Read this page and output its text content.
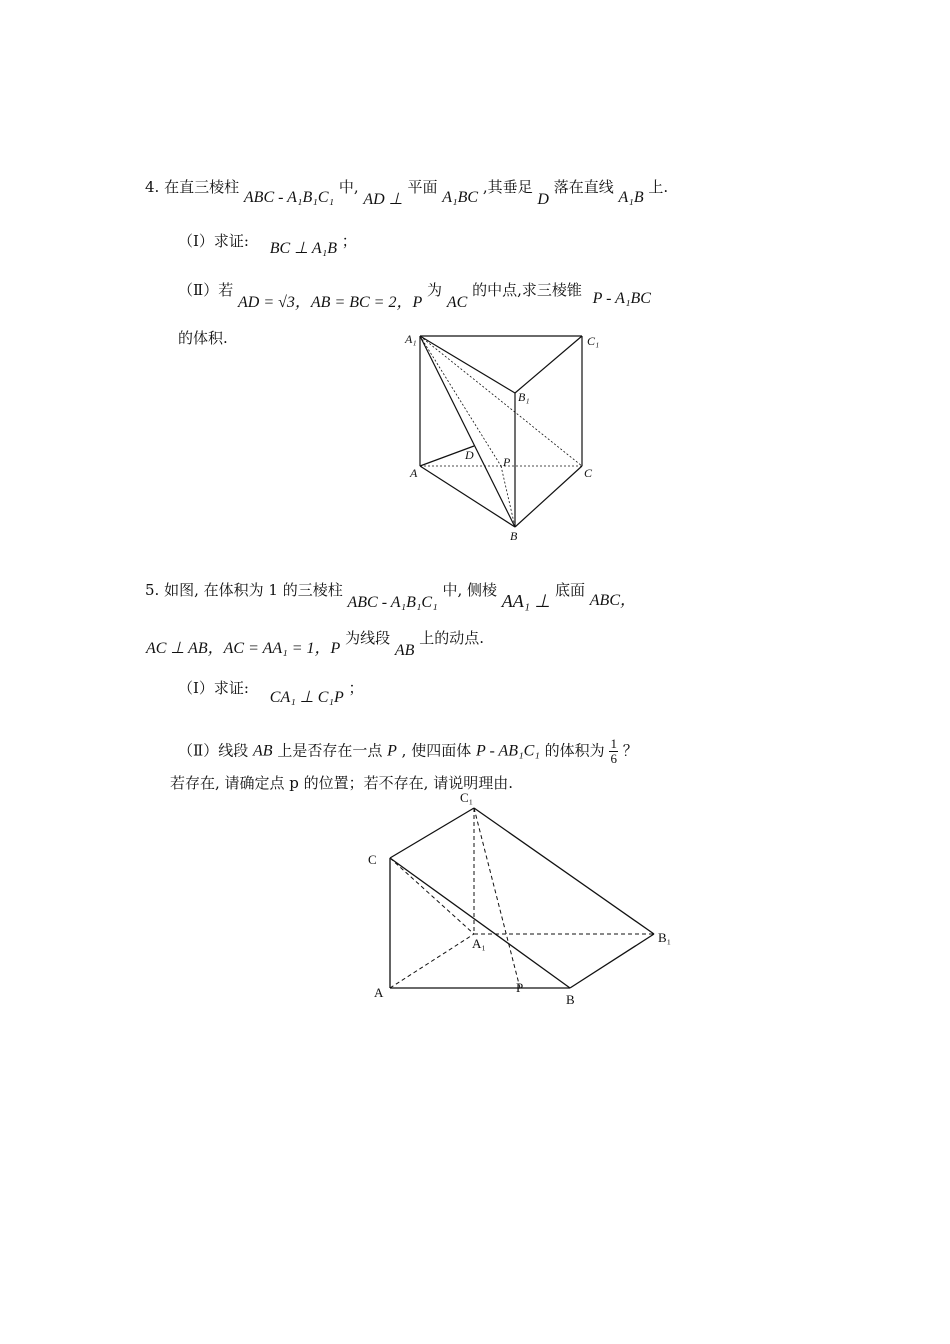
4. 在直三棱柱 ABC - A₁B₁C₁ 中, AD ⊥ 平面 A₁BC ,其垂足 D 落在直线 A₁B 上.
（Ⅰ）求证: BC ⊥ A₁B ；
（Ⅱ）若 AD = √3，AB = BC = 2，P 为 AC 的中点,求三棱锥 P - A₁BC
的体积.	A₁	C₁
B₁
D P
A	C
B
5. 如图, 在体积为 1 的三棱柱 ABC - A₁B₁C₁ 中, 侧棱 AA₁ ⊥ 底面 ABC，
AC ⊥ AB，AC = AA₁ = 1，P 为线段 AB 上的动点.
（Ⅰ）求证: CA₁ ⊥ C₁P ；
（Ⅱ）线段 AB 上是否存在一点 P , 使四面体 P - AB₁C₁ 的体积为 $\frac{1}{6}$ ？
若存在, 请确定点 p 的位置；若不存在, 请说明理由.
C₁
C
A₁	B₁
A	P
B
